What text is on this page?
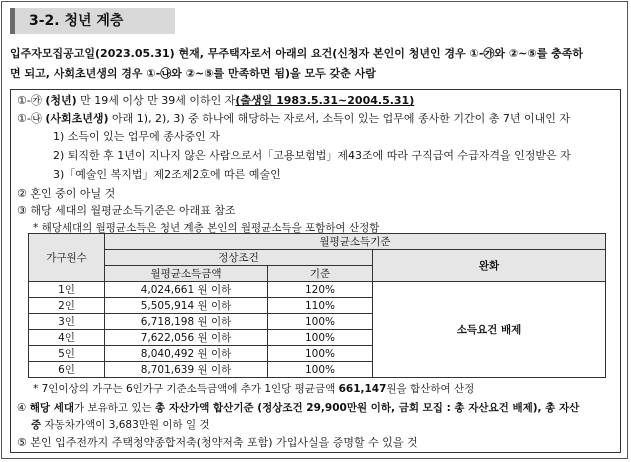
3-2. 청년 계층
입주자모집공고일(2023.05.31) 현재, 무주택자로서 아래의 요건(신청자 본인이 청년인 경우 ①-㉮와 ②~⑤를 충족하
면 되고, 사회초년생의 경우 ①-㉯와 ②~⑤를 만족하면 됨)을 모두 갖춘 사람
①-㉮ (청년) 만 19세 이상 만 39세 이하인 자(출생일 1983.5.31~2004.5.31)
①-㉯ (사회초년생) 아래 1), 2), 3) 중 하나에 해당하는 자로서, 소득이 있는 업무에 종사한 기간이 총 7년 이내인 자
1) 소득이 있는 업무에 종사중인 자
2) 퇴직한 후 1년이 지나지 않은 사람으로서「고용보험법」제43조에 따라 구직급여 수급자격을 인정받은 자
3)「예술인 복지법」제2조제2호에 따른 예술인
② 혼인 중이 아닐 것
③ 해당 세대의 월평균소득기준은 아래표 참조
* 해당세대의 월평균소득은 청년 계층 본인의 월평균소득을 포함하여 산정함
* 7인이상의 가구는 6인가구 기준소득금액에 추가 1인당 평균금액 661,147원을 합산하여 산정
④ 해당 세대가 보유하고 있는 총 자산가액 합산기준 (정상조건 29,900만원 이하, 금회 모집 : 총 자산요건 배제), 총 자산
중 자동차가액이 3,683만원 이하 일 것
⑤ 본인 입주전까지 주택청약종합저축(청약저축 포함) 가입사실을 증명할 수 있을 것
가구원수	월평균소득기준		
	정상조건		완화
	월평균소득금액	기준	
1인	4,024,661 원 이하	120%	소득요건 배제
2인	5,505,914 원 이하	110%	
3인	6,718,198 원 이하	100%	
4인	7,622,056 원 이하	100%	
5인	8,040,492 원 이하	100%	
6인	8,701,639 원 이하	100%	
